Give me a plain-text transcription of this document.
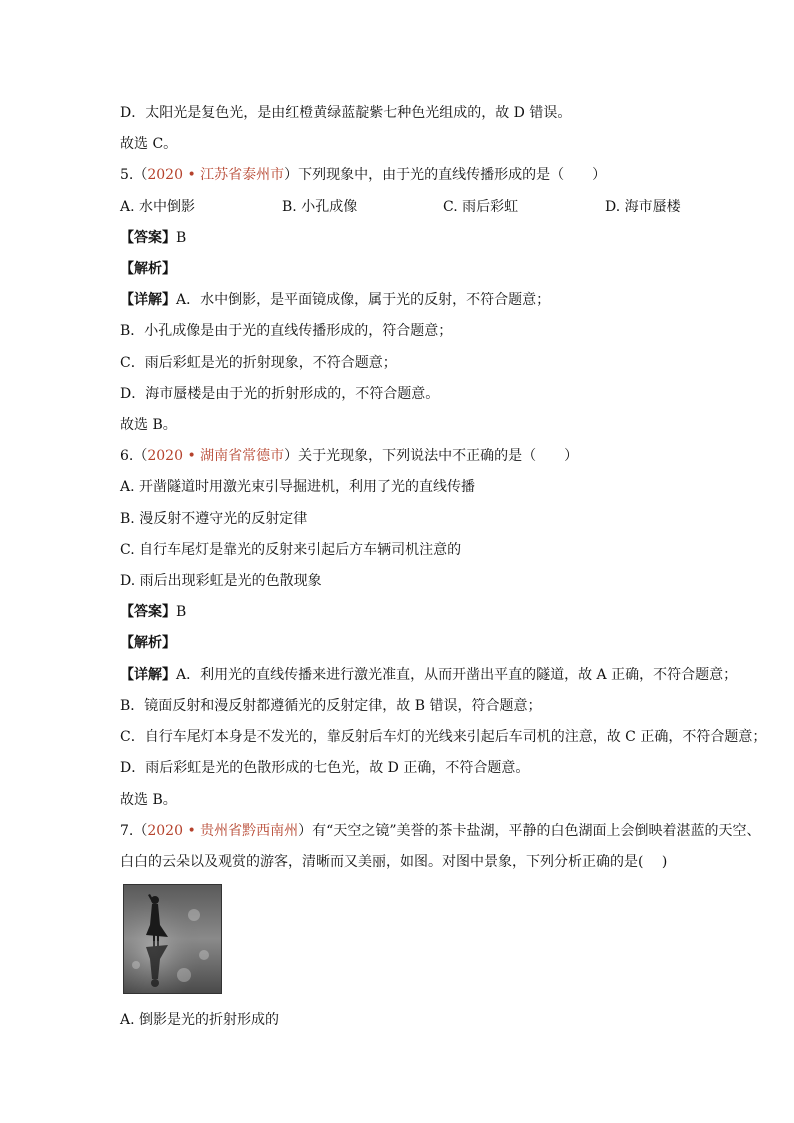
D．太阳光是复色光，是由红橙黄绿蓝靛紫七种色光组成的，故 D 错误。
故选 C。
5.（2020 • 江苏省泰州市）下列现象中，由于光的直线传播形成的是（　　）
A. 水中倒影	B. 小孔成像	C. 雨后彩虹	D. 海市蜃楼
【答案】B
【解析】
【详解】A．水中倒影，是平面镜成像，属于光的反射，不符合题意；
B．小孔成像是由于光的直线传播形成的，符合题意；
C．雨后彩虹是光的折射现象，不符合题意；
D．海市蜃楼是由于光的折射形成的，不符合题意。
故选 B。
6.（2020 • 湖南省常德市）关于光现象，下列说法中不正确的是（　　）
A. 开凿隧道时用激光束引导掘进机，利用了光的直线传播
B. 漫反射不遵守光的反射定律
C. 自行车尾灯是靠光的反射来引起后方车辆司机注意的
D. 雨后出现彩虹是光的色散现象
【答案】B
【解析】
【详解】A．利用光的直线传播来进行激光准直，从而开凿出平直的隧道，故 A 正确，不符合题意；
B．镜面反射和漫反射都遵循光的反射定律，故 B 错误，符合题意；
C．自行车尾灯本身是不发光的，靠反射后车灯的光线来引起后车司机的注意，故 C 正确，不符合题意；
D．雨后彩虹是光的色散形成的七色光，故 D 正确，不符合题意。
故选 B。
7.（2020 • 贵州省黔西南州）有“天空之镜”美誉的茶卡盐湖，平静的白色湖面上会倒映着湛蓝的天空、
白白的云朵以及观赏的游客，清晰而又美丽，如图。对图中景象，下列分析正确的是(　 )
A. 倒影是光的折射形成的
